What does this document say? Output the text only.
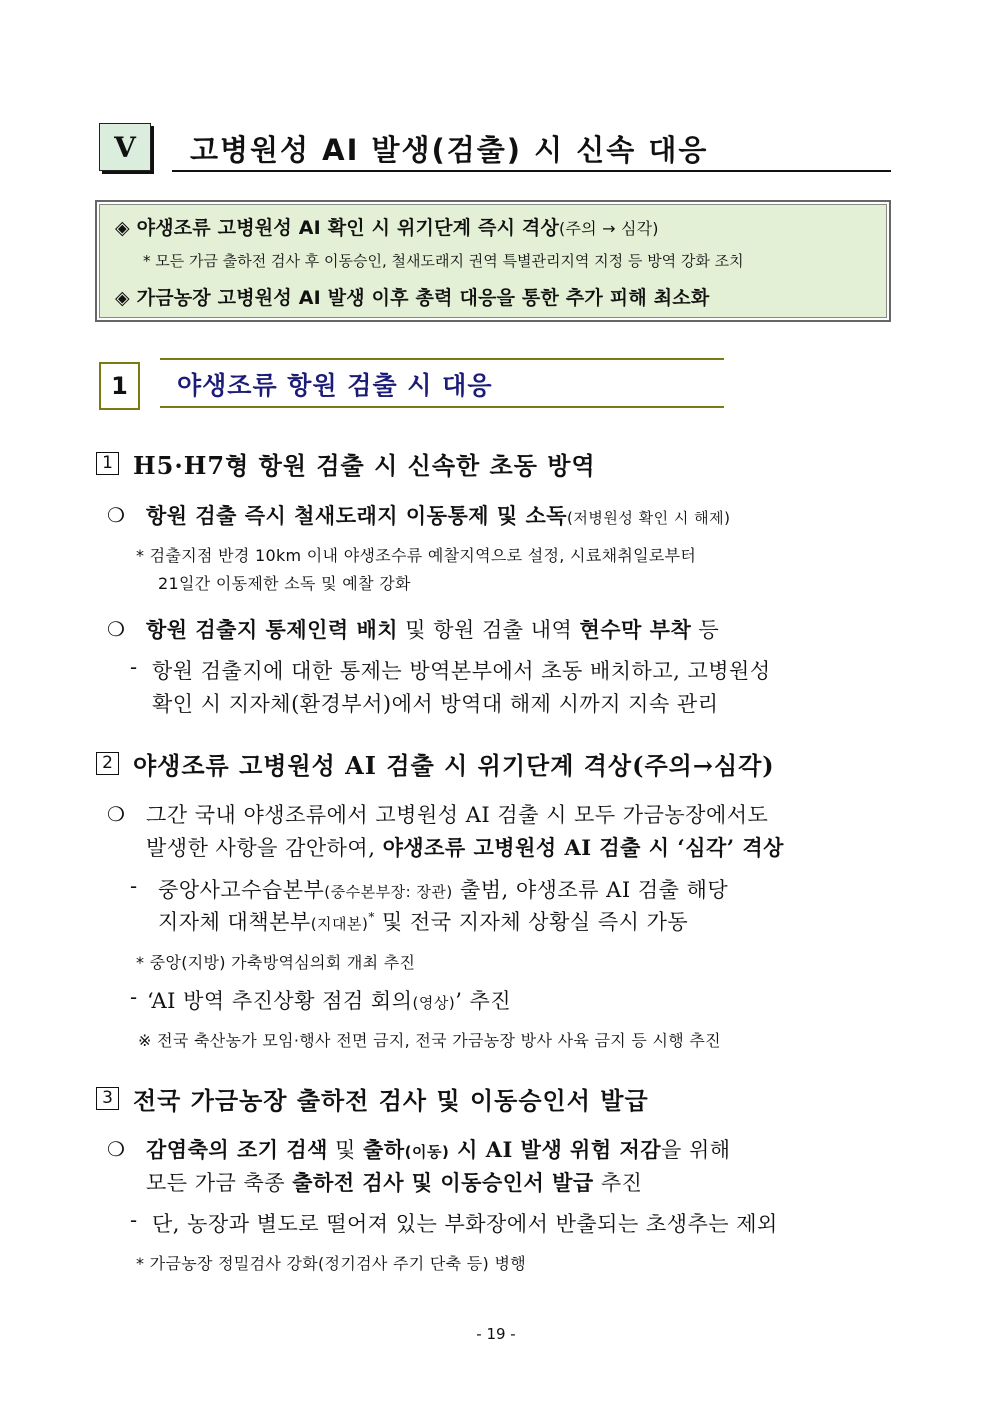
Ⅴ 고병원성 AI 발생(검출) 시 신속 대응
◈ 야생조류 고병원성 AI 확인 시 위기단계 즉시 격상(주의 → 심각)
* 모든 가금 출하전 검사 후 이동승인, 철새도래지 권역 특별관리지역 지정 등 방역 강화 조치
◈ 가금농장 고병원성 AI 발생 이후 총력 대응을 통한 추가 피해 최소화
1 야생조류 항원 검출 시 대응
1 H5·H7형 항원 검출 시 신속한 초동 방역
❍ 항원 검출 즉시 철새도래지 이동통제 및 소독(저병원성 확인 시 해제)
* 검출지점 반경 10km 이내 야생조수류 예찰지역으로 설정, 시료채취일로부터
21일간 이동제한 소독 및 예찰 강화
❍ 항원 검출지 통제인력 배치 및 항원 검출 내역 현수막 부착 등
- 항원 검출지에 대한 통제는 방역본부에서 초동 배치하고, 고병원성
확인 시 지자체(환경부서)에서 방역대 해제 시까지 지속 관리
2 야생조류 고병원성 AI 검출 시 위기단계 격상(주의→심각)
❍ 그간 국내 야생조류에서 고병원성 AI 검출 시 모두 가금농장에서도
발생한 사항을 감안하여, 야생조류 고병원성 AI 검출 시 ‘심각’ 격상
- 중앙사고수습본부(중수본부장: 장관) 출범, 야생조류 AI 검출 해당
지자체 대책본부(지대본)* 및 전국 지자체 상황실 즉시 가동
* 중앙(지방) 가축방역심의회 개최 추진
- ‘AI 방역 추진상황 점검 회의(영상)’ 추진
※ 전국 축산농가 모임·행사 전면 금지, 전국 가금농장 방사 사육 금지 등 시행 추진
3 전국 가금농장 출하전 검사 및 이동승인서 발급
❍ 감염축의 조기 검색 및 출하(이동) 시 AI 발생 위험 저감을 위해
모든 가금 축종 출하전 검사 및 이동승인서 발급 추진
- 단, 농장과 별도로 떨어져 있는 부화장에서 반출되는 초생추는 제외
* 가금농장 정밀검사 강화(정기검사 주기 단축 등) 병행
- 19 -
